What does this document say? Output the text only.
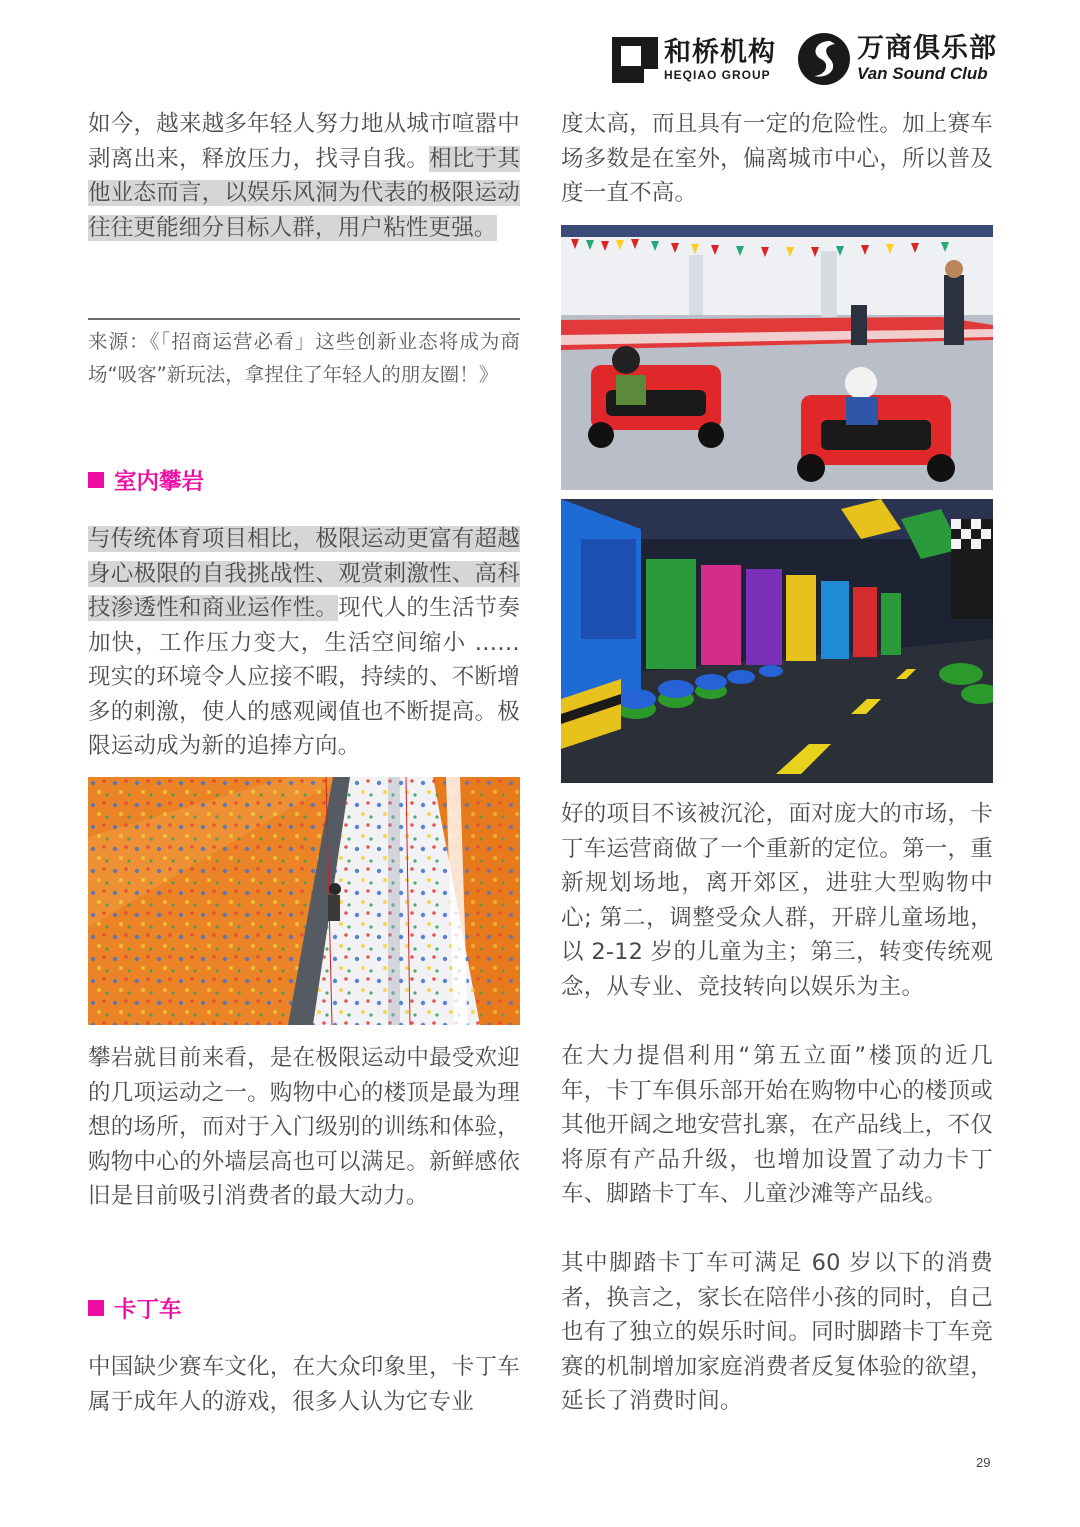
和桥机构
HEQIAO GROUP
万商俱乐部
Van Sound Club
如今，越来越多年轻人努力地从城市喧嚣中剥离出来，释放压力，找寻自我。相比于其他业态而言，以娱乐风洞为代表的极限运动往往更能细分目标人群，用户粘性更强。
来源：《「招商运营必看」这些创新业态将成为商场“吸客”新玩法，拿捏住了年轻人的朋友圈！》
室内攀岩
与传统体育项目相比，极限运动更富有超越身心极限的自我挑战性、观赏刺激性、高科技渗透性和商业运作性。现代人的生活节奏加快，工作压力变大，生活空间缩小 …… 现实的环境令人应接不暇，持续的、不断增多的刺激，使人的感观阈值也不断提高。极限运动成为新的追捧方向。
攀岩就目前来看，是在极限运动中最受欢迎的几项运动之一。购物中心的楼顶是最为理想的场所，而对于入门级别的训练和体验，购物中心的外墙层高也可以满足。新鲜感依旧是目前吸引消费者的最大动力。
卡丁车
中国缺少赛车文化，在大众印象里，卡丁车属于成年人的游戏，很多人认为它专业
度太高，而且具有一定的危险性。加上赛车场多数是在室外，偏离城市中心，所以普及度一直不高。
好的项目不该被沉沦，面对庞大的市场，卡丁车运营商做了一个重新的定位。第一，重新规划场地，离开郊区，进驻大型购物中心; 第二，调整受众人群，开辟儿童场地，以 2-12 岁的儿童为主；第三，转变传统观念，从专业、竞技转向以娱乐为主。
在大力提倡利用“第五立面”楼顶的近几年，卡丁车俱乐部开始在购物中心的楼顶或其他开阔之地安营扎寨，在产品线上，不仅将原有产品升级，也增加设置了动力卡丁车、脚踏卡丁车、儿童沙滩等产品线。
其中脚踏卡丁车可满足 60 岁以下的消费者，换言之，家长在陪伴小孩的同时，自己也有了独立的娱乐时间。同时脚踏卡丁车竞赛的机制增加家庭消费者反复体验的欲望，延长了消费时间。
29
